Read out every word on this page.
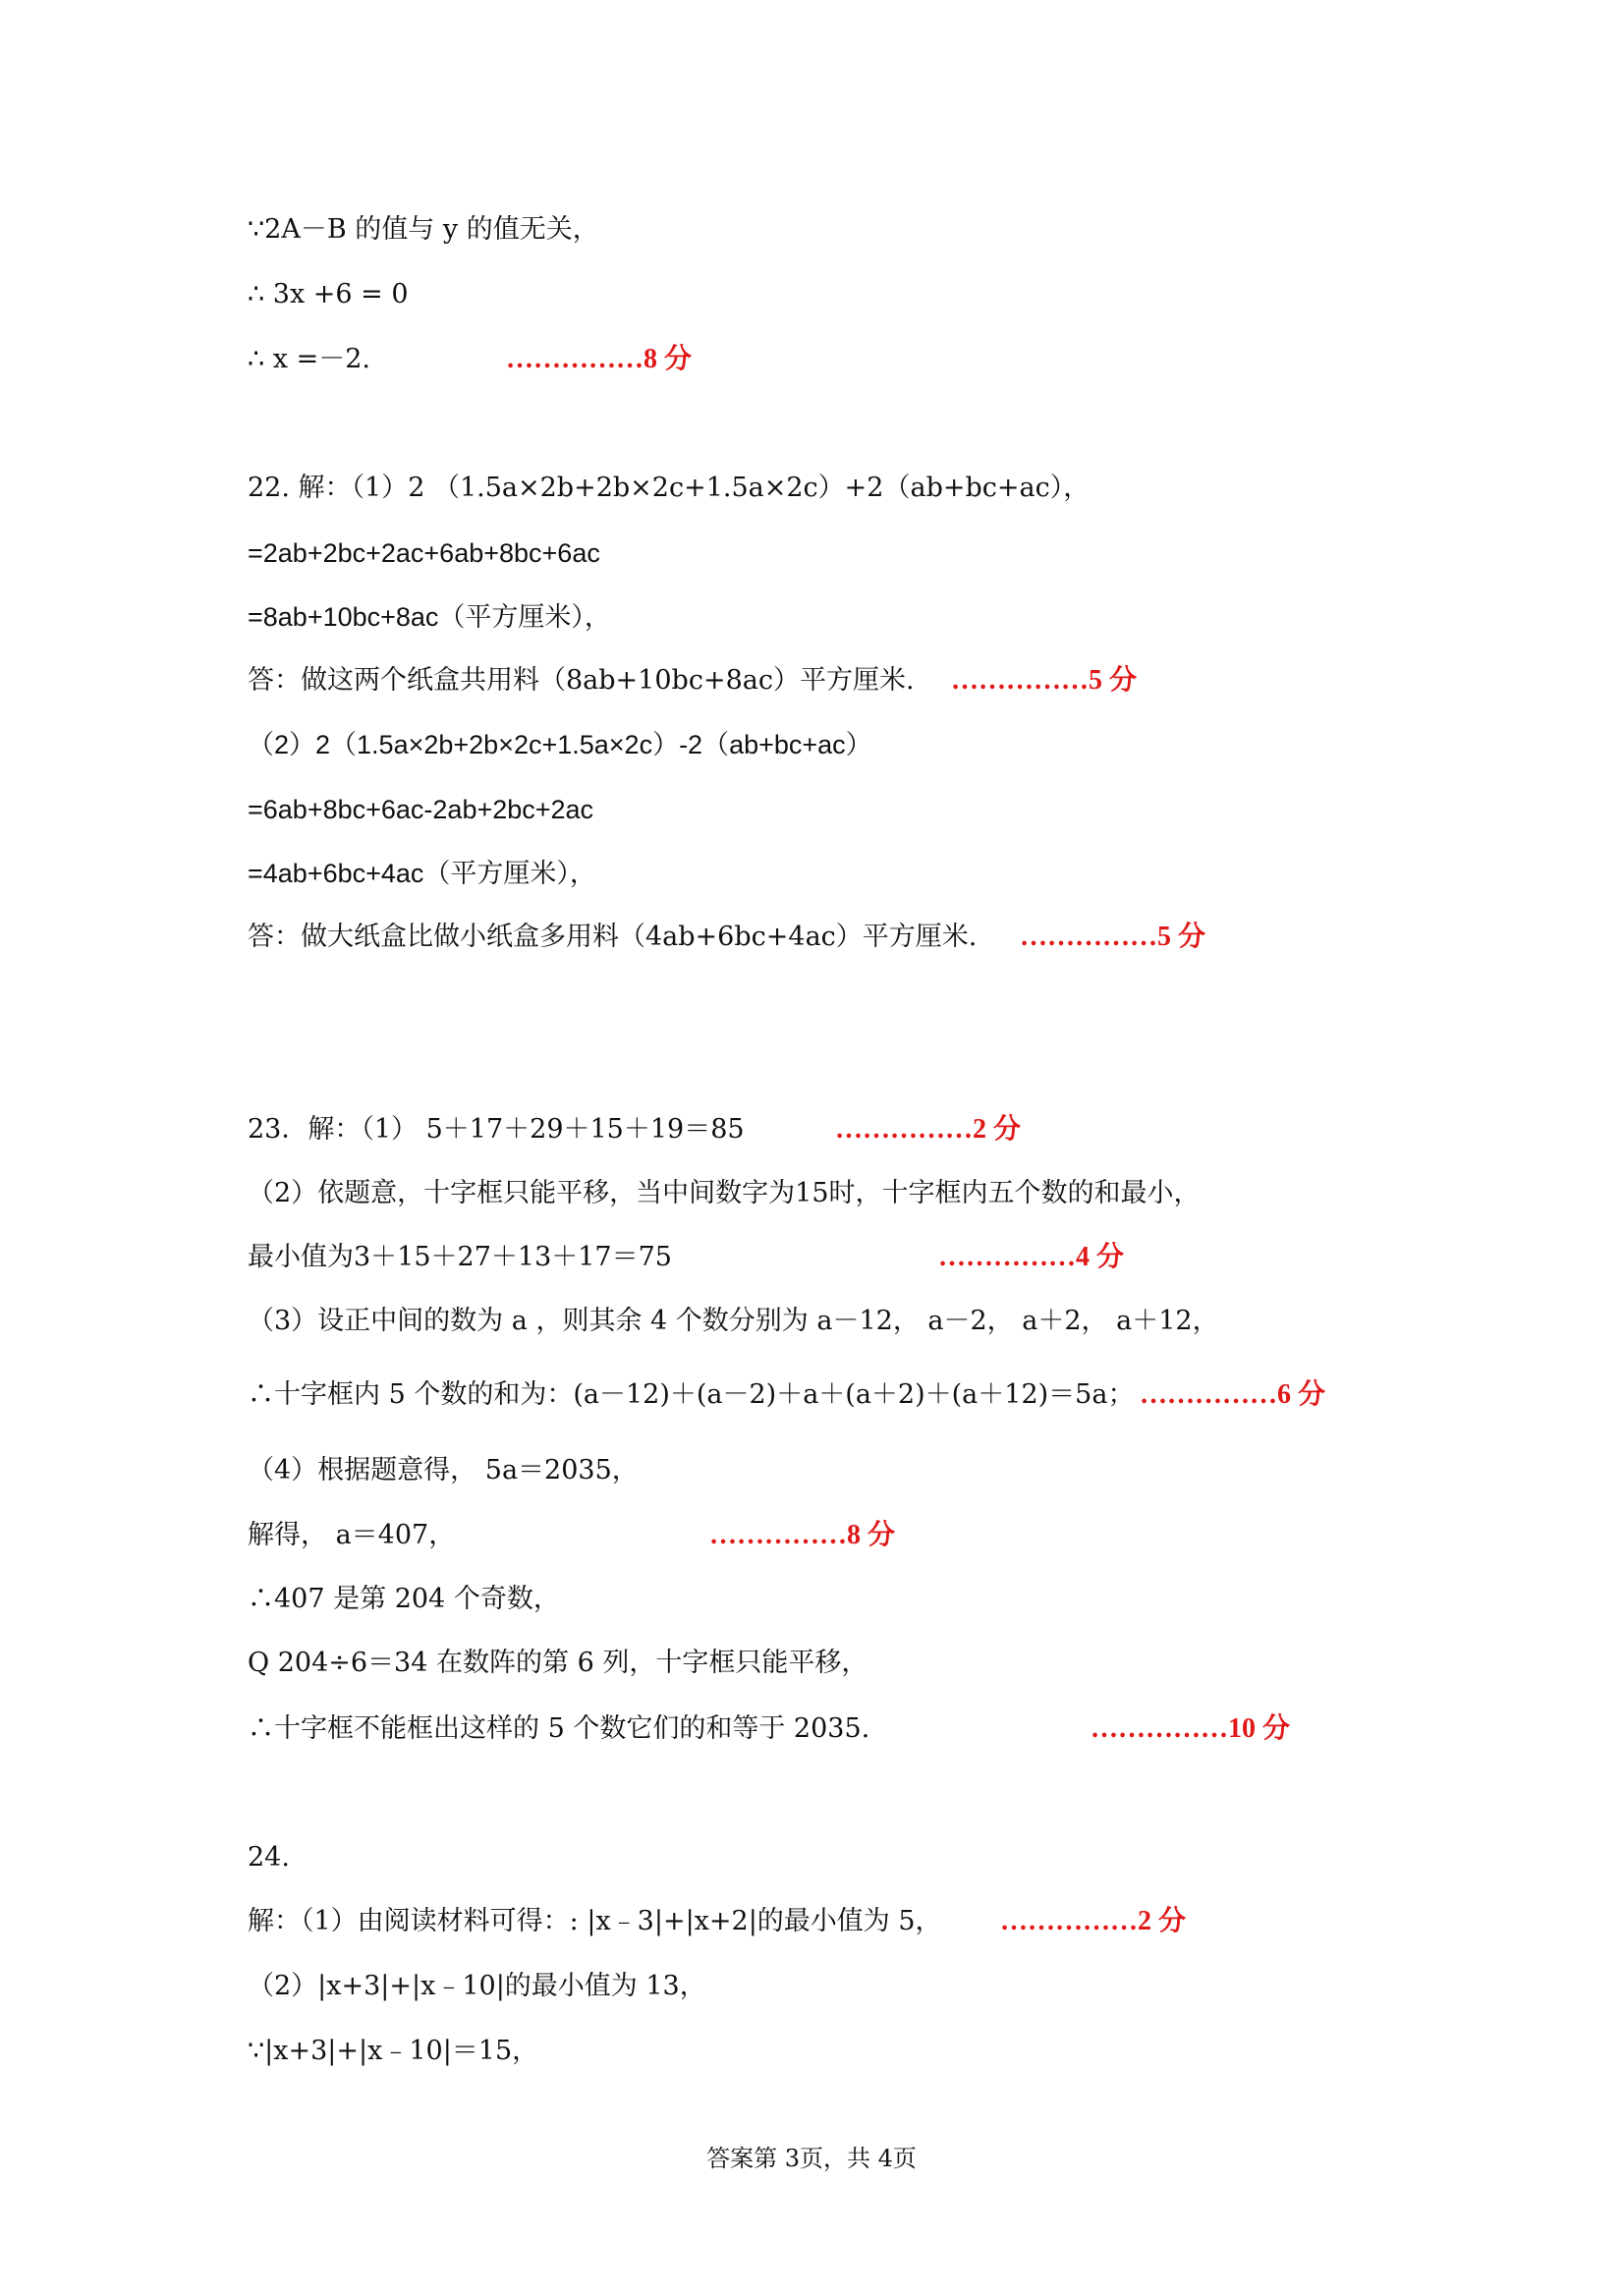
∵2A－B 的值与 y 的值无关，
∴ 3x +6 = 0
∴ x =－2.	……………8 分
22. 解：（1）2 （1.5a×2b+2b×2c+1.5a×2c）+2（ab+bc+ac），
=2ab+2bc+2ac+6ab+8bc+6ac
=8ab+10bc+8ac（平方厘米），
答：做这两个纸盒共用料（8ab+10bc+8ac）平方厘米. ……………5 分
（2）2（1.5a×2b+2b×2c+1.5a×2c）-2（ab+bc+ac）
=6ab+8bc+6ac-2ab+2bc+2ac
=4ab+6bc+4ac（平方厘米），
答：做大纸盒比做小纸盒多用料（4ab+6bc+4ac）平方厘米. ……………5 分
23．解：（1） 5＋17＋29＋15＋19＝85	……………2 分
（2）依题意，十字框只能平移，当中间数字为15时，十字框内五个数的和最小，
最小值为3＋15＋27＋13＋17＝75	……………4 分
（3）设正中间的数为 a ，则其余 4 个数分别为 a－12， a－2， a＋2， a＋12，
∴十字框内 5 个数的和为：(a－12)＋(a－2)＋a＋(a＋2)＋(a＋12)＝5a； ……………6 分
（4）根据题意得， 5a＝2035，
解得， a＝407，	……………8 分
∴407 是第 204 个奇数，
Q 204÷6＝34 在数阵的第 6 列，十字框只能平移，
∴十字框不能框出这样的 5 个数它们的和等于 2035.	……………10 分
24.
解：（1）由阅读材料可得：: |x﹣3|+|x+2|的最小值为 5， ……………2 分
（2）|x+3|+|x﹣10|的最小值为 13，
∵|x+3|+|x﹣10|＝15，
答案第 3页，共 4页
